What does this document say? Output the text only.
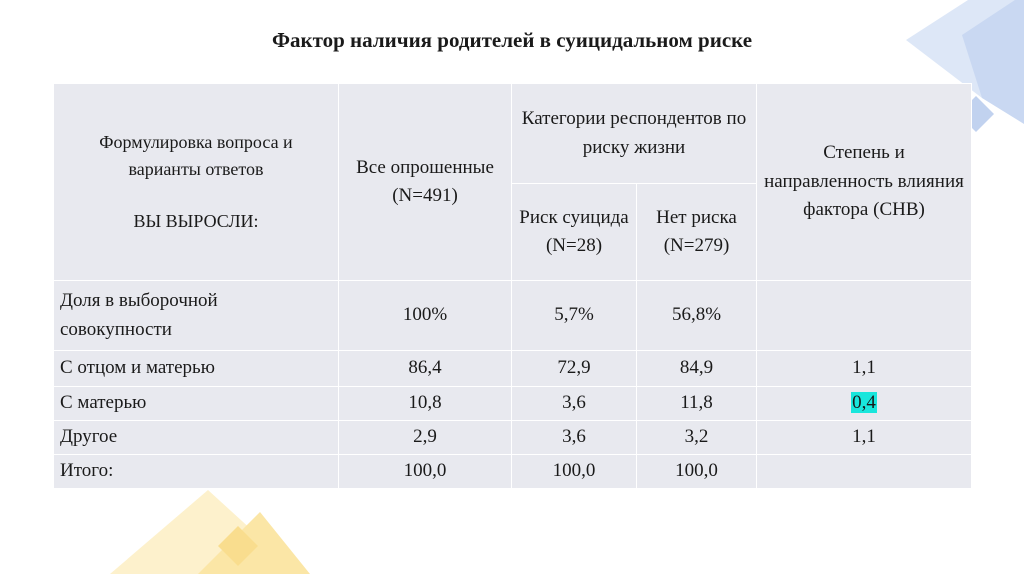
Фактор наличия родителей в суицидальном риске
Формулировка вопроса и
варианты ответов
ВЫ ВЫРОСЛИ:	Все опрошенные (N=491)	Категории респондентов по риску жизни		Степень и направленность влияния фактора (СНВ)
		Риск суицида (N=28)	Нет риска (N=279)	
Доля в выборочной совокупности	100%	5,7%	56,8%	
С отцом и матерью	86,4	72,9	84,9	1,1
С матерью	10,8	3,6	11,8	0,4
Другое	2,9	3,6	3,2	1,1
Итого:	100,0	100,0	100,0	
